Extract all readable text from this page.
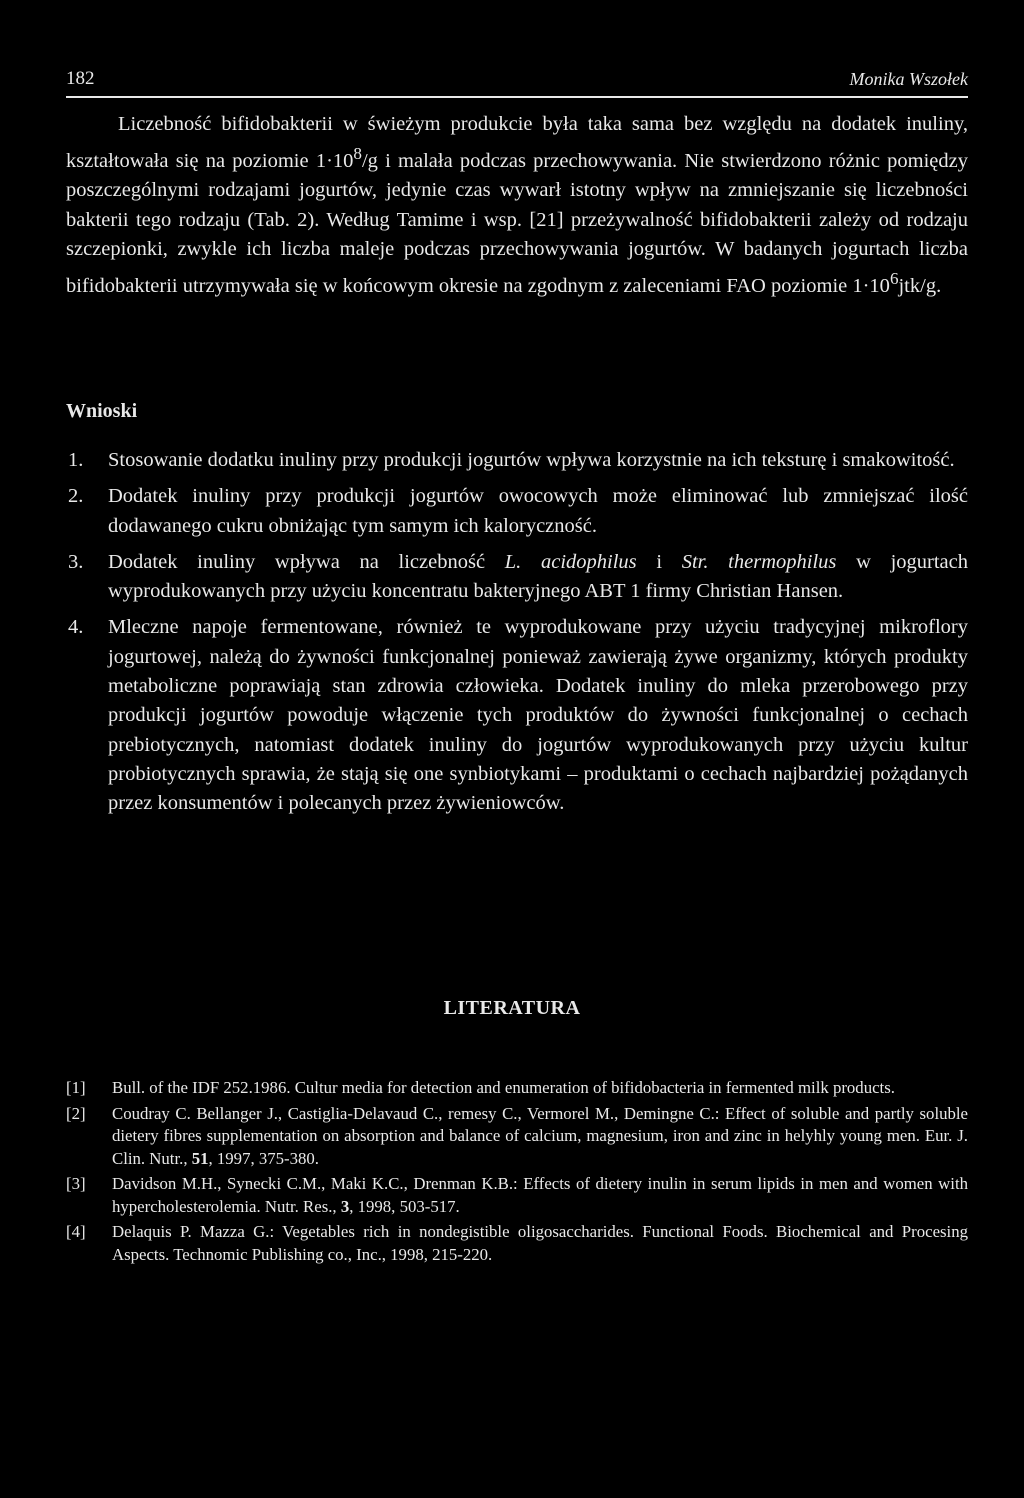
182	Monika Wszołek

Liczebność bifidobakterii w świeżym produkcie była taka sama bez względu na dodatek inuliny, kształtowała się na poziomie $1\cdot 10^8/g$ i malała podczas przechowywania. Nie stwierdzono różnic pomiędzy poszczególnymi rodzajami jogurtów, jedynie czas wywarł istotny wpływ na zmniejszanie się liczebności bakterii tego rodzaju (Tab. 2). Według Tamime i wsp. [21] przeżywalność bifidobakterii zależy od rodzaju szczepionki, zwykle ich liczba maleje podczas przechowywania jogurtów. W badanych jogurtach liczba bifidobakterii utrzymywała się w końcowym okresie na zgodnym z zaleceniami FAO poziomie $1\cdot 10^6jtk/g$.

Wnioski
1. Stosowanie dodatku inuliny przy produkcji jogurtów wpływa korzystnie na ich teksturę i smakowitość.
2. Dodatek inuliny przy produkcji jogurtów owocowych może eliminować lub zmniejszać ilość dodawanego cukru obniżając tym samym ich kaloryczność.
3. Dodatek inuliny wpływa na liczebność L. acidophilus i Str. thermophilus w jogurtach wyprodukowanych przy użyciu koncentratu bakteryjnego ABT 1 firmy Christian Hansen.
4. Mleczne napoje fermentowane, również te wyprodukowane przy użyciu tradycyjnej mikroflory jogurtowej, należą do żywności funkcjonalnej ponieważ zawierają żywe organizmy, których produkty metaboliczne poprawiają stan zdrowia człowieka. Dodatek inuliny do mleka przerobowego przy produkcji jogurtów powoduje włączenie tych produktów do żywności funkcjonalnej o cechach prebiotycznych, natomiast dodatek inuliny do jogurtów wyprodukowanych przy użyciu kultur probiotycznych sprawia, że stają się one synbiotykami – produktami o cechach najbardziej pożądanych przez konsumentów i polecanych przez żywieniowców.
LITERATURA
[1] Bull. of the IDF 252.1986. Cultur media for detection and enumeration of bifidobacteria in fermented milk products.
[2] Coudray C. Bellanger J., Castiglia-Delavaud C., remesy C., Vermorel M., Demingne C.: Effect of soluble and partly soluble dietery fibres supplementation on absorption and balance of calcium, magnesium, iron and zinc in helyhly young men. Eur. J. Clin. Nutr., 51, 1997, 375-380.
[3] Davidson M.H., Synecki C.M., Maki K.C., Drenman K.B.: Effects of dietery inulin in serum lipids in men and women with hypercholesterolemia. Nutr. Res., 3, 1998, 503-517.
[4] Delaquis P. Mazza G.: Vegetables rich in nondegistible oligosaccharides. Functional Foods. Biochemical and Procesing Aspects. Technomic Publishing co., Inc., 1998, 215-220.
